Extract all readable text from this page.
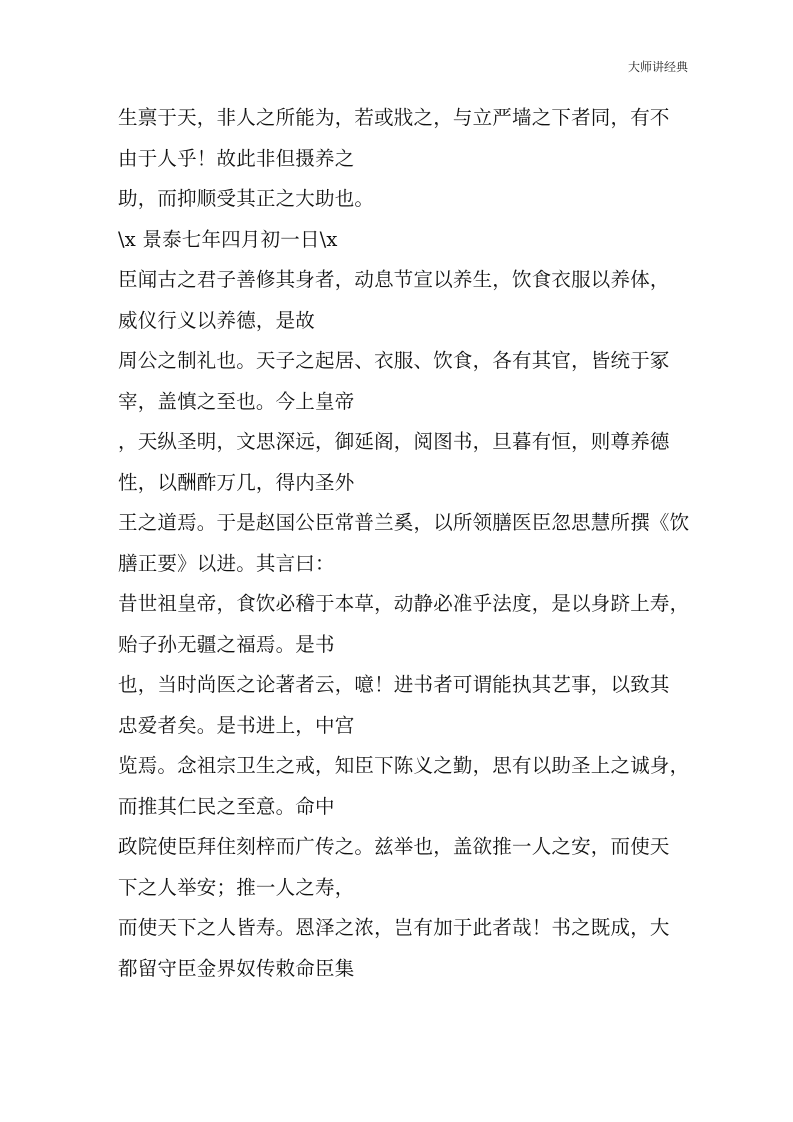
大师讲经典
生禀于天，非人之所能为，若或戕之，与立严墙之下者同，有不
由于人乎！故此非但摄养之
助，而抑顺受其正之大助也。
\x 景泰七年四月初一日\x
臣闻古之君子善修其身者，动息节宣以养生，饮食衣服以养体，
威仪行义以养德，是故
周公之制礼也。天子之起居、衣服、饮食，各有其官，皆统于冢
宰，盖慎之至也。今上皇帝
，天纵圣明，文思深远，御延阁，阅图书，旦暮有恒，则尊养德
性，以酬酢万几，得内圣外
王之道焉。于是赵国公臣常普兰奚，以所领膳医臣忽思慧所撰《饮
膳正要》以进。其言曰：
昔世祖皇帝，食饮必稽于本草，动静必准乎法度，是以身跻上寿，
贻子孙无疆之福焉。是书
也，当时尚医之论著者云，噫！进书者可谓能执其艺事，以致其
忠爱者矣。是书进上，中宫
览焉。念祖宗卫生之戒，知臣下陈义之勤，思有以助圣上之诚身，
而推其仁民之至意。命中
政院使臣拜住刻梓而广传之。兹举也，盖欲推一人之安，而使天
下之人举安；推一人之寿，
而使天下之人皆寿。恩泽之浓，岂有加于此者哉！书之既成，大
都留守臣金界奴传敕命臣集
